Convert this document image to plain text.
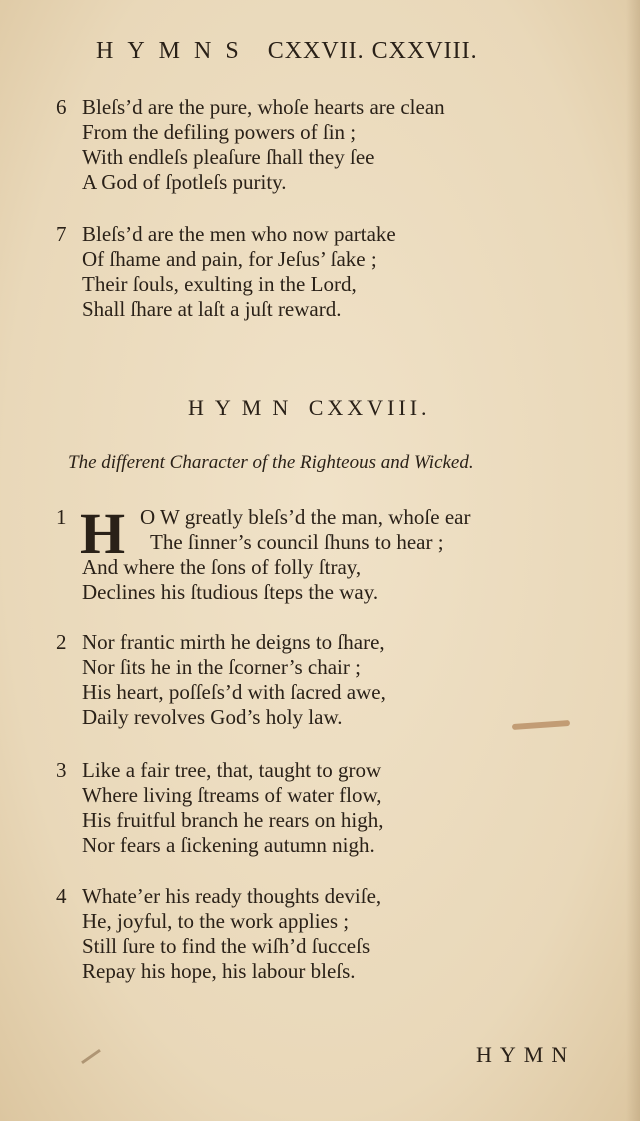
HYMNS CXXVII. CXXVIII.
6 Bleſs’d are the pure, whoſe hearts are clean
From the defiling powers of ſin ;
With endleſs pleaſure ſhall they ſee
A God of ſpotleſs purity.
7 Bleſs’d are the men who now partake
Of ſhame and pain, for Jeſus’ ſake ;
Their ſouls, exulting in the Lord,
Shall ſhare at laſt a juſt reward.
HYMN CXXVIII.
The different Character of the Righteous and Wicked.
1 H O W greatly bleſs’d the man, whoſe ear
The ſinner’s council ſhuns to hear ;
And where the ſons of folly ſtray,
Declines his ſtudious ſteps the way.
2 Nor frantic mirth he deigns to ſhare,
Nor ſits he in the ſcorner’s chair ;
His heart, poſſeſs’d with ſacred awe,
Daily revolves God’s holy law.
3 Like a fair tree, that, taught to grow
Where living ſtreams of water flow,
His fruitful branch he rears on high,
Nor fears a ſickening autumn nigh.
4 Whate’er his ready thoughts deviſe,
He, joyful, to the work applies ;
Still ſure to find the wiſh’d ſucceſs
Repay his hope, his labour bleſs.
HYMN
